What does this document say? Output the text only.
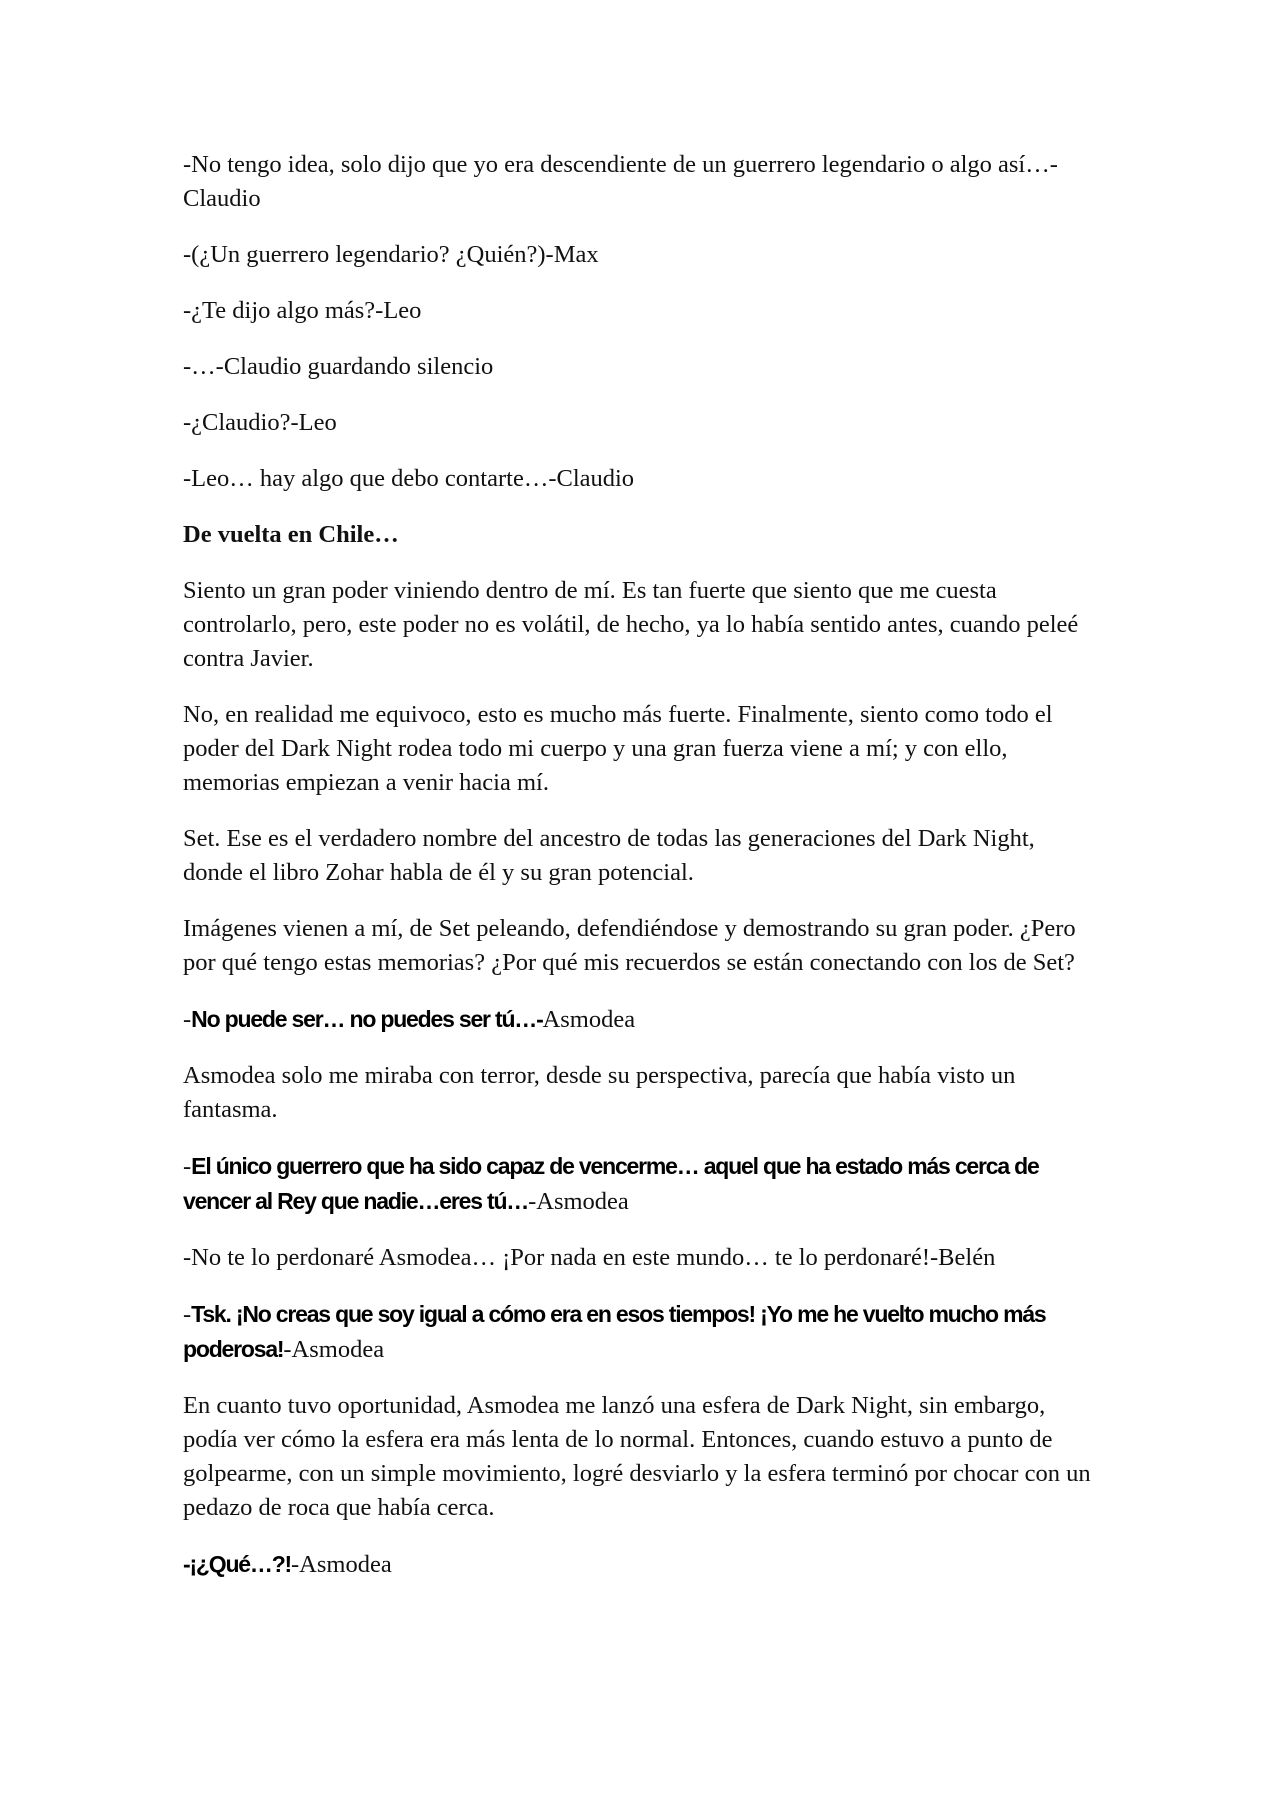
-No tengo idea, solo dijo que yo era descendiente de un guerrero legendario o algo así…-Claudio

-(¿Un guerrero legendario? ¿Quién?)-Max

-¿Te dijo algo más?-Leo

-…-Claudio guardando silencio

-¿Claudio?-Leo

-Leo… hay algo que debo contarte…-Claudio

De vuelta en Chile…

Siento un gran poder viniendo dentro de mí. Es tan fuerte que siento que me cuesta controlarlo, pero, este poder no es volátil, de hecho, ya lo había sentido antes, cuando peleé contra Javier.

No, en realidad me equivoco, esto es mucho más fuerte. Finalmente, siento como todo el poder del Dark Night rodea todo mi cuerpo y una gran fuerza viene a mí; y con ello, memorias empiezan a venir hacia mí.

Set. Ese es el verdadero nombre del ancestro de todas las generaciones del Dark Night, donde el libro Zohar habla de él y su gran potencial.

Imágenes vienen a mí, de Set peleando, defendiéndose y demostrando su gran poder. ¿Pero por qué tengo estas memorias? ¿Por qué mis recuerdos se están conectando con los de Set?

-No puede ser… no puedes ser tú…-Asmodea

Asmodea solo me miraba con terror, desde su perspectiva, parecía que había visto un fantasma.

-El único guerrero que ha sido capaz de vencerme… aquel que ha estado más cerca de vencer al Rey que nadie…eres tú…-Asmodea

-No te lo perdonaré Asmodea… ¡Por nada en este mundo… te lo perdonaré!-Belén

-Tsk. ¡No creas que soy igual a cómo era en esos tiempos! ¡Yo me he vuelto mucho más poderosa!-Asmodea

En cuanto tuvo oportunidad, Asmodea me lanzó una esfera de Dark Night, sin embargo, podía ver cómo la esfera era más lenta de lo normal. Entonces, cuando estuvo a punto de golpearme, con un simple movimiento, logré desviarlo y la esfera terminó por chocar con un pedazo de roca que había cerca.

-¡¿Qué…?!-Asmodea
